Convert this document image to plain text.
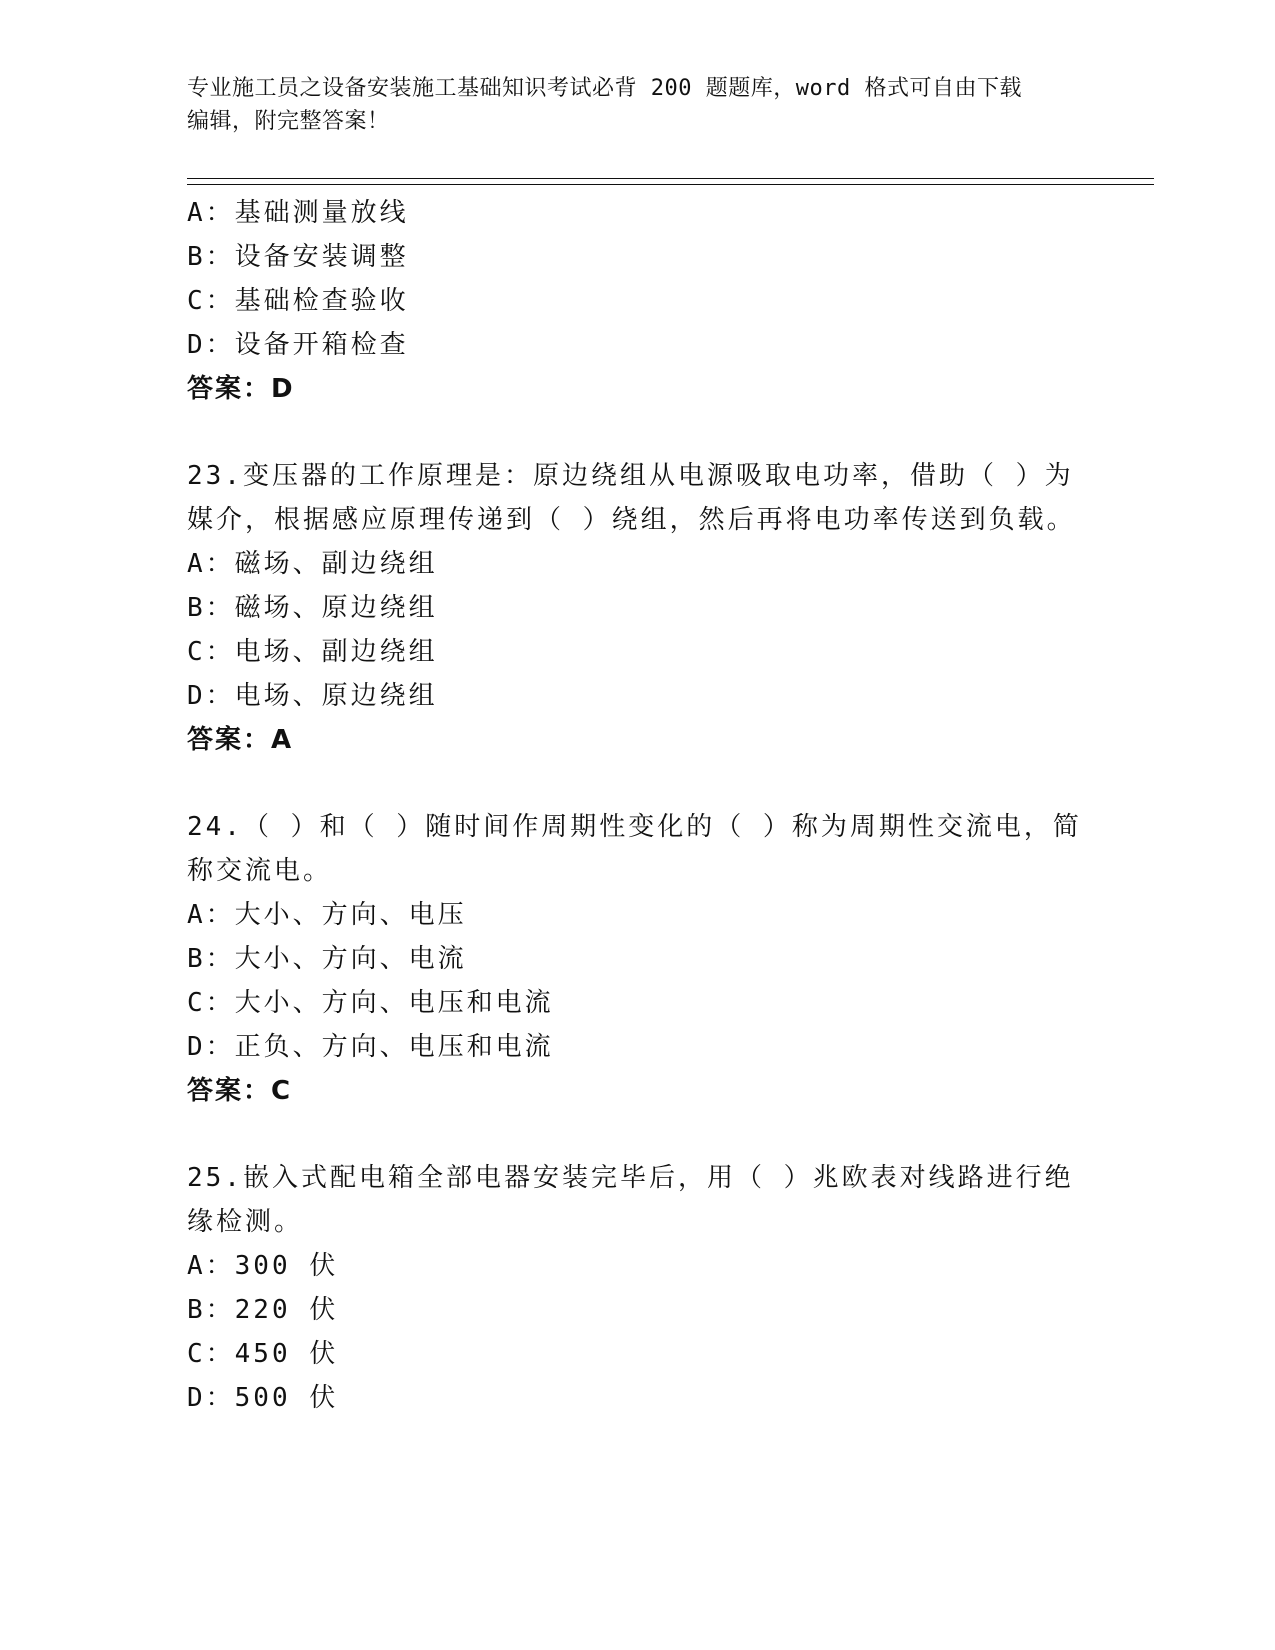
专业施工员之设备安装施工基础知识考试必背 200 题题库，word 格式可自由下载
编辑，附完整答案！
A：基础测量放线
B：设备安装调整
C：基础检查验收
D：设备开箱检查
答案：D
23.变压器的工作原理是：原边绕组从电源吸取电功率，借助（ ）为
媒介，根据感应原理传递到（ ）绕组，然后再将电功率传送到负载。
A：磁场、副边绕组
B：磁场、原边绕组
C：电场、副边绕组
D：电场、原边绕组
答案：A
24.（ ）和（ ）随时间作周期性变化的（ ）称为周期性交流电，简
称交流电。
A：大小、方向、电压
B：大小、方向、电流
C：大小、方向、电压和电流
D：正负、方向、电压和电流
答案：C
25.嵌入式配电箱全部电器安装完毕后，用（ ）兆欧表对线路进行绝
缘检测。
A：300 伏
B：220 伏
C：450 伏
D：500 伏
